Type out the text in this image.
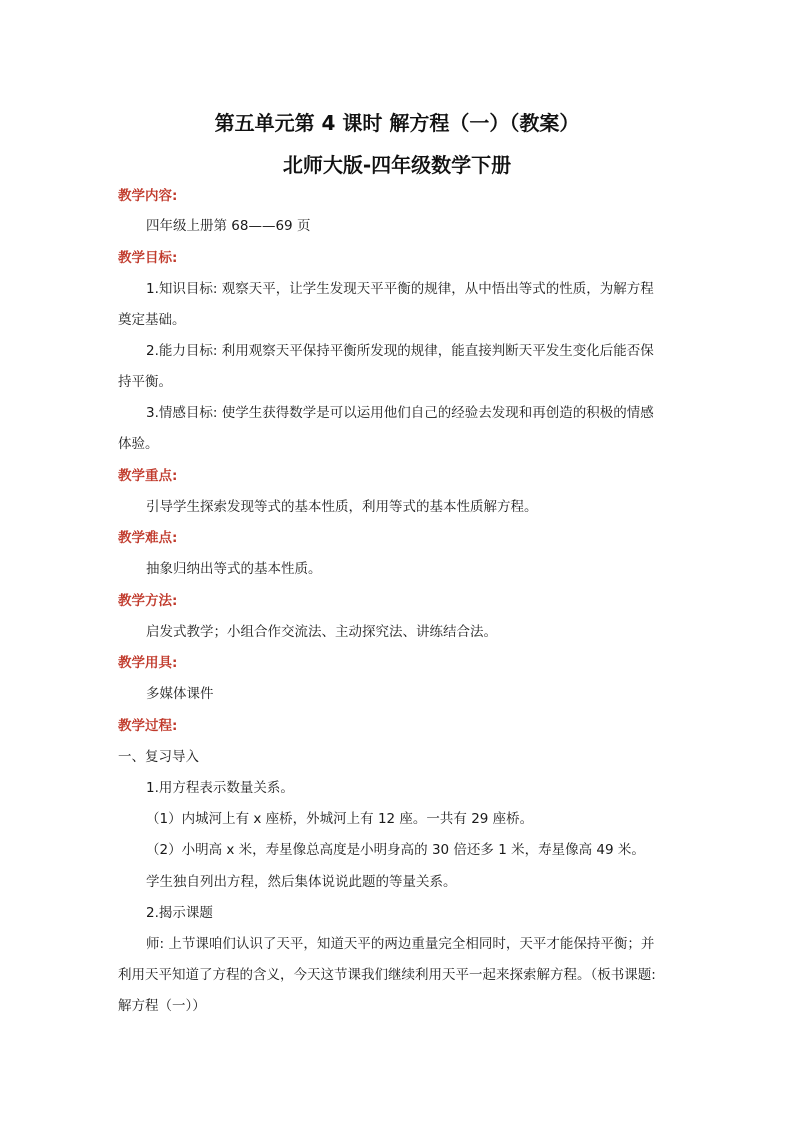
第五单元第 4 课时 解方程（一）（教案）
北师大版-四年级数学下册
教学内容:
四年级上册第 68——69 页
教学目标:
1.知识目标: 观察天平，让学生发现天平平衡的规律，从中悟出等式的性质，为解方程
奠定基础。
2.能力目标: 利用观察天平保持平衡所发现的规律，能直接判断天平发生变化后能否保
持平衡。
3.情感目标: 使学生获得数学是可以运用他们自己的经验去发现和再创造的积极的情感
体验。
教学重点:
引导学生探索发现等式的基本性质，利用等式的基本性质解方程。
教学难点:
抽象归纳出等式的基本性质。
教学方法:
启发式教学；小组合作交流法、主动探究法、讲练结合法。
教学用具:
多媒体课件
教学过程:
一、复习导入
1.用方程表示数量关系。
（1）内城河上有 x 座桥，外城河上有 12 座。一共有 29 座桥。
（2）小明高 x 米，寿星像总高度是小明身高的 30 倍还多 1 米，寿星像高 49 米。
学生独自列出方程，然后集体说说此题的等量关系。
2.揭示课题
师: 上节课咱们认识了天平，知道天平的两边重量完全相同时，天平才能保持平衡；并
利用天平知道了方程的含义，今天这节课我们继续利用天平一起来探索解方程。（板书课题:
解方程（一））
